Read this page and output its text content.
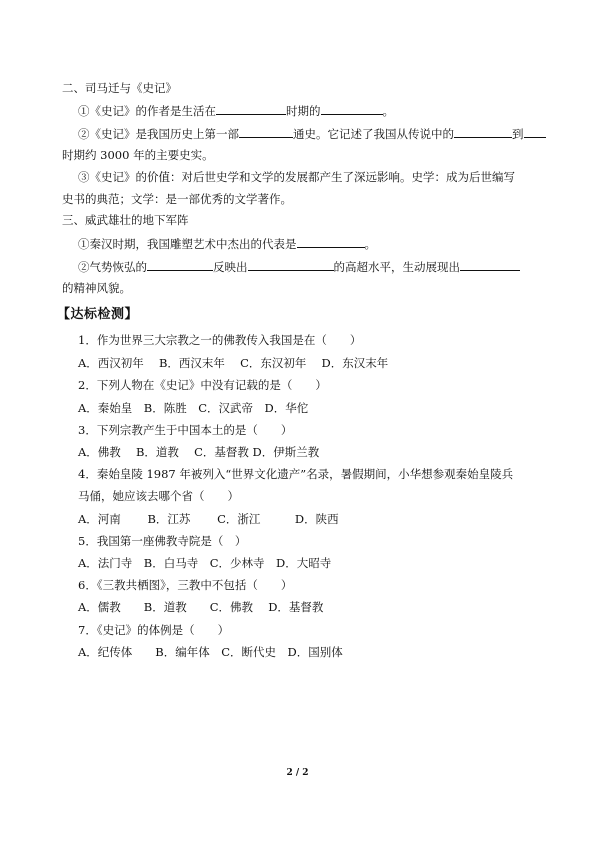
二、司马迁与《史记》
①《史记》的作者是生活在	时期的	。
②《史记》是我国历史上第一部	通史。它记述了我国从传说中的	到
时期约 3000 年的主要史实。
③《史记》的价值：对后世史学和文学的发展都产生了深远影响。史学：成为后世编写
史书的典范；文学：是一部优秀的文学著作。
三、威武雄壮的地下军阵
①秦汉时期，我国雕塑艺术中杰出的代表是	。
②气势恢弘的	反映出	的高超水平，生动展现出
的精神风貌。
【达标检测】
1．作为世界三大宗教之一的佛教传入我国是在（　　）
A．西汉初年　 B．西汉末年　 C．东汉初年　 D．东汉末年
2．下列人物在《史记》中没有记载的是（　　）
A．秦始皇　B．陈胜　C．汉武帝　D．华佗
3．下列宗教产生于中国本土的是（　　）
A．佛教　 B．道教　 C．基督教 D．伊斯兰教
4．秦始皇陵 1987 年被列入“世界文化遗产”名录，暑假期间，小华想参观秦始皇陵兵
马俑，她应该去哪个省（　　）
A．河南　　 B．江苏　　 C．浙江　　　D．陕西
5．我国第一座佛教寺院是（　）
A．法门寺　B．白马寺　C．少林寺　D．大昭寺
6．《三教共栖图》，三教中不包括（　　）
A．儒教　　B．道教　　C．佛教　 D．基督教
7．《史记》的体例是（　　）
A．纪传体　　B．编年体　C．断代史　D．国别体
2 / 2
